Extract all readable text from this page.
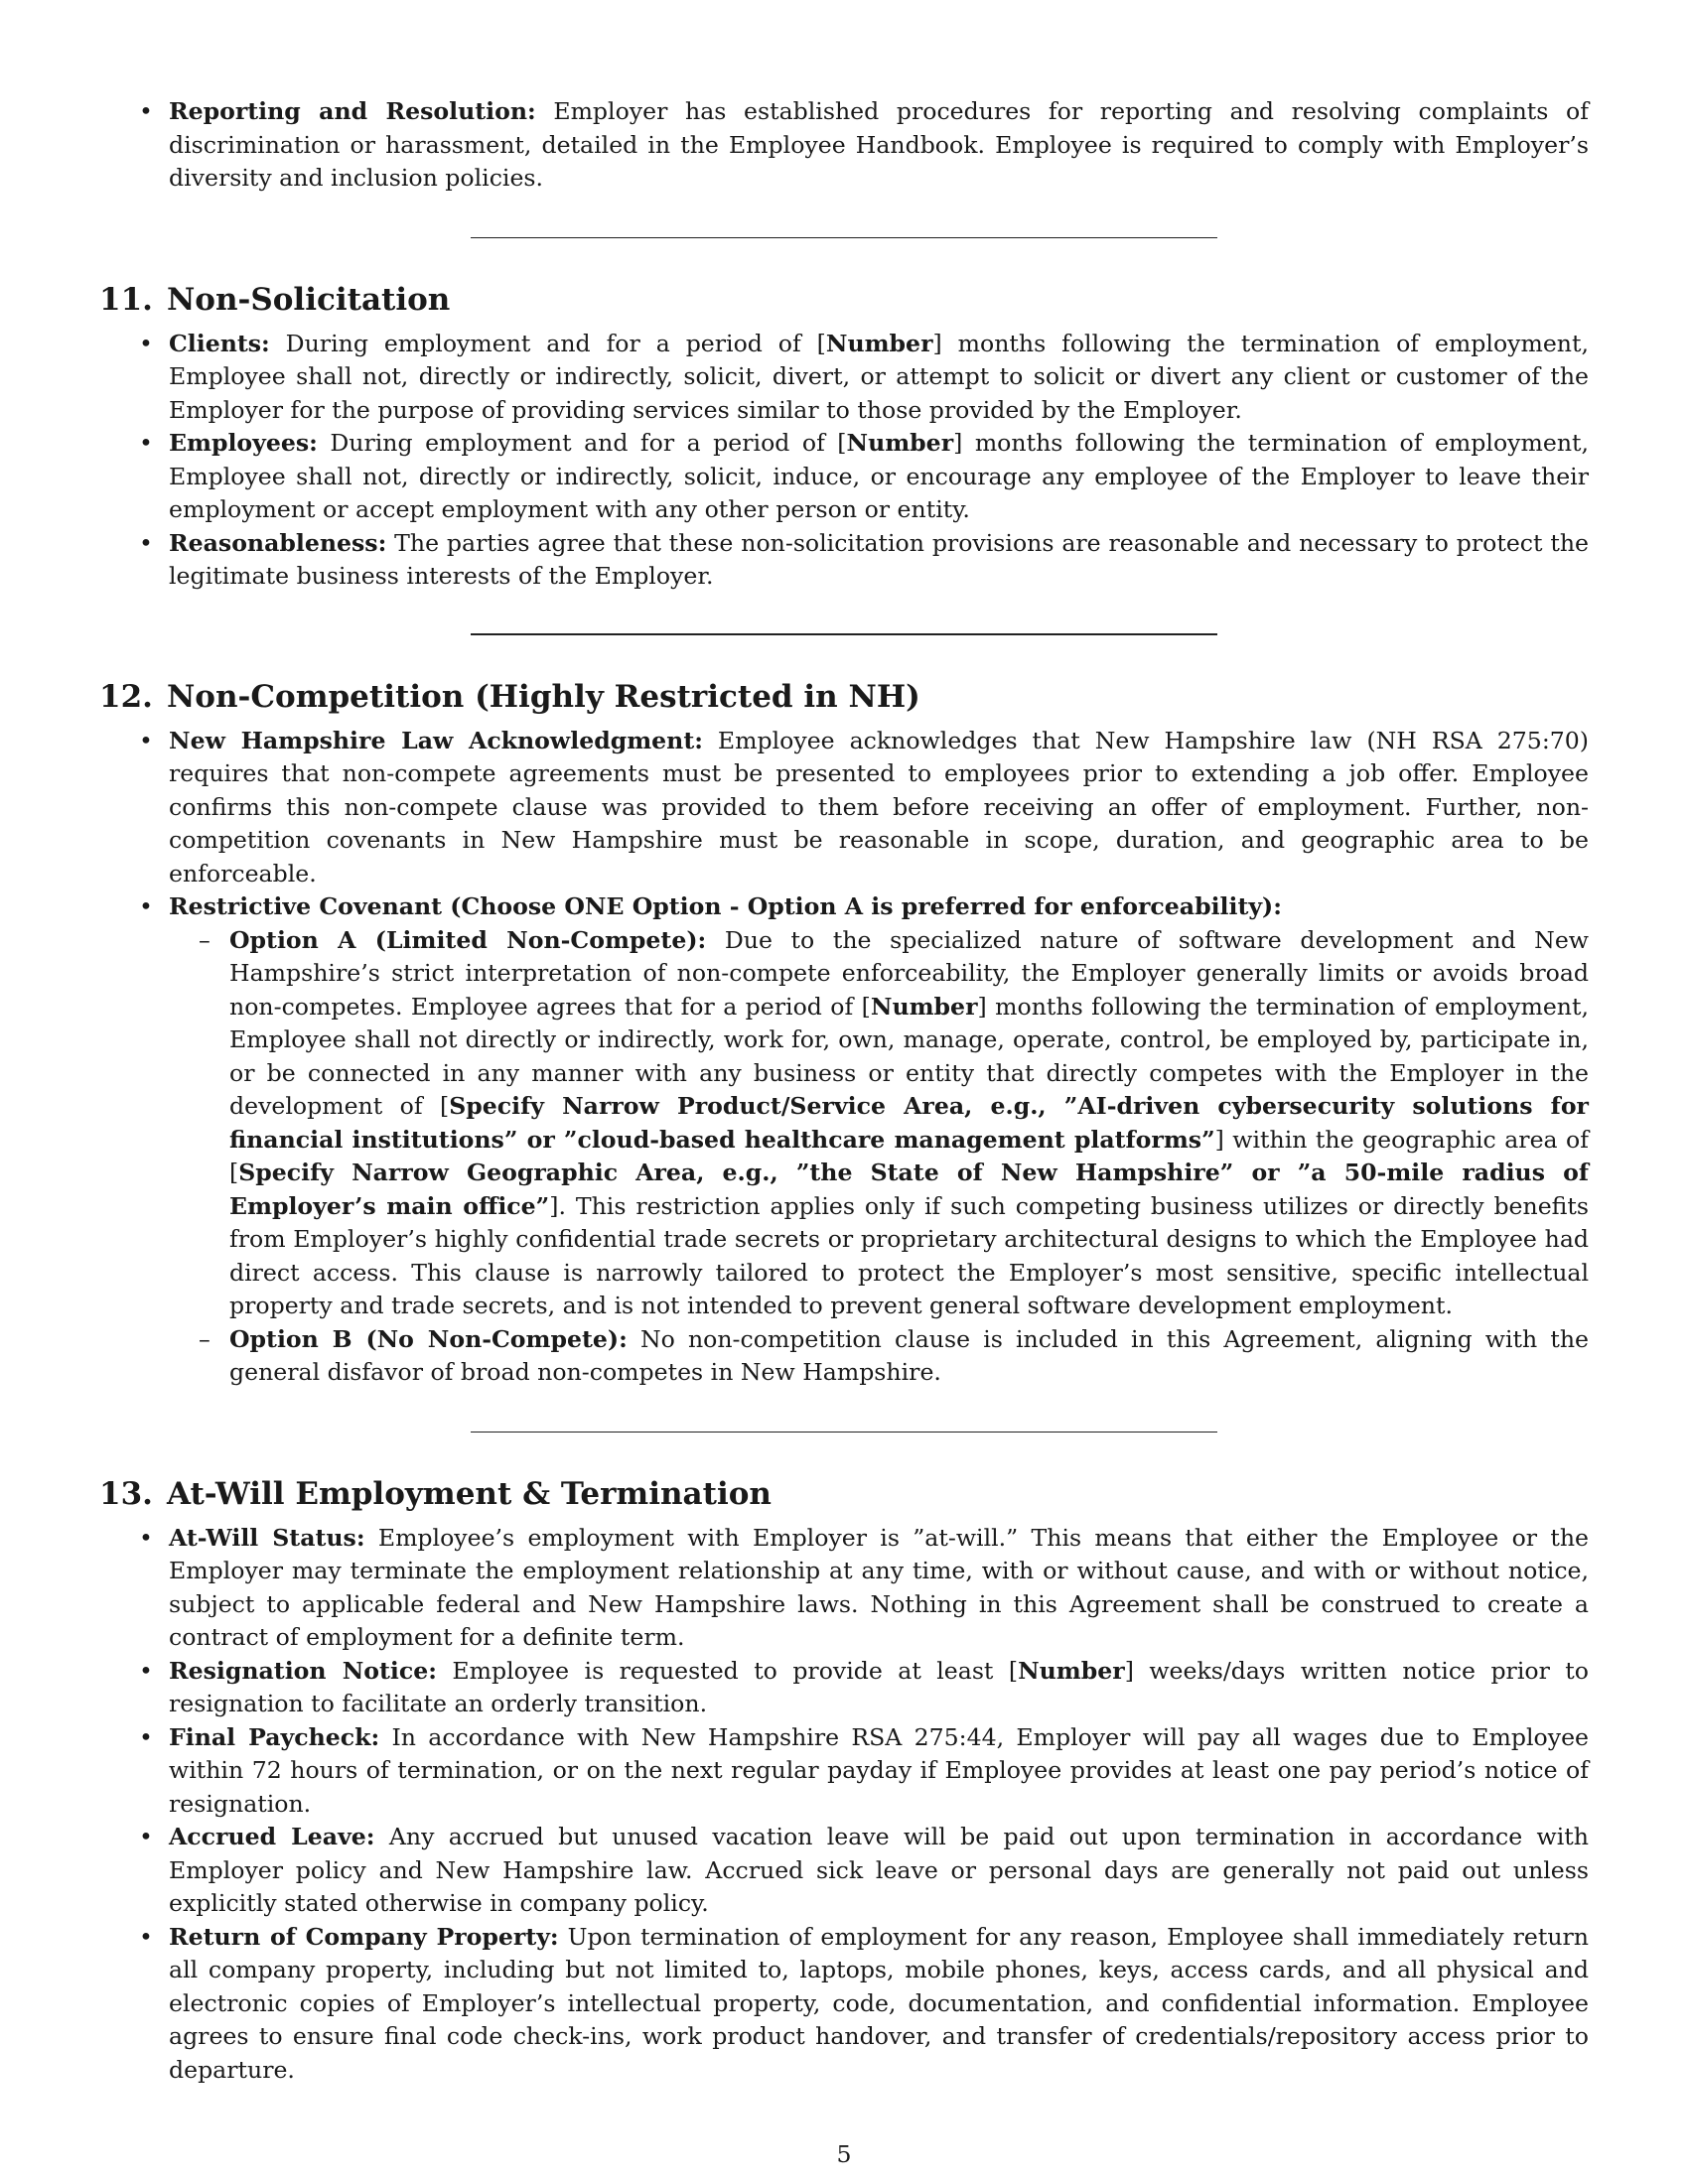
• Reporting and Resolution: Employer has established procedures for reporting and resolving complaints of discrimination or harassment, detailed in the Employee Handbook. Employee is required to comply with Employer’s diversity and inclusion policies.
11. Non-Solicitation
• Clients: During employment and for a period of [Number] months following the termination of employment, Employee shall not, directly or indirectly, solicit, divert, or attempt to solicit or divert any client or customer of the Employer for the purpose of providing services similar to those provided by the Employer.
• Employees: During employment and for a period of [Number] months following the termination of employment, Employee shall not, directly or indirectly, solicit, induce, or encourage any employee of the Employer to leave their employment or accept employment with any other person or entity.
• Reasonableness: The parties agree that these non-solicitation provisions are reasonable and necessary to protect the legitimate business interests of the Employer.
12. Non-Competition (Highly Restricted in NH)
• New Hampshire Law Acknowledgment: Employee acknowledges that New Hampshire law (NH RSA 275:70) requires that non-compete agreements must be presented to employees prior to extending a job offer. Employee confirms this non-compete clause was provided to them before receiving an offer of employment. Further, non-competition covenants in New Hampshire must be reasonable in scope, duration, and geographic area to be enforceable.
• Restrictive Covenant (Choose ONE Option - Option A is preferred for enforceability):
– Option A (Limited Non-Compete): Due to the specialized nature of software development and New Hampshire’s strict interpretation of non-compete enforceability, the Employer generally limits or avoids broad non-competes. Employee agrees that for a period of [Number] months following the termination of employment, Employee shall not directly or indirectly, work for, own, manage, operate, control, be employed by, participate in, or be connected in any manner with any business or entity that directly competes with the Employer in the development of [Specify Narrow Product/Service Area, e.g., ”AI-driven cybersecurity solutions for financial institutions” or ”cloud-based healthcare management platforms”] within the geographic area of [Specify Narrow Geographic Area, e.g., ”the State of New Hampshire” or ”a 50-mile radius of Employer’s main office”]. This restriction applies only if such competing business utilizes or directly benefits from Employer’s highly confidential trade secrets or proprietary architectural designs to which the Employee had direct access. This clause is narrowly tailored to protect the Employer’s most sensitive, specific intellectual property and trade secrets, and is not intended to prevent general software development employment.
– Option B (No Non-Compete): No non-competition clause is included in this Agreement, aligning with the general disfavor of broad non-competes in New Hampshire.
13. At-Will Employment & Termination
• At-Will Status: Employee’s employment with Employer is ”at-will.” This means that either the Employee or the Employer may terminate the employment relationship at any time, with or without cause, and with or without notice, subject to applicable federal and New Hampshire laws. Nothing in this Agreement shall be construed to create a contract of employment for a definite term.
• Resignation Notice: Employee is requested to provide at least [Number] weeks/days written notice prior to resignation to facilitate an orderly transition.
• Final Paycheck: In accordance with New Hampshire RSA 275:44, Employer will pay all wages due to Employee within 72 hours of termination, or on the next regular payday if Employee provides at least one pay period’s notice of resignation.
• Accrued Leave: Any accrued but unused vacation leave will be paid out upon termination in accordance with Employer policy and New Hampshire law. Accrued sick leave or personal days are generally not paid out unless explicitly stated otherwise in company policy.
• Return of Company Property: Upon termination of employment for any reason, Employee shall immediately return all company property, including but not limited to, laptops, mobile phones, keys, access cards, and all physical and electronic copies of Employer’s intellectual property, code, documentation, and confidential information. Employee agrees to ensure final code check-ins, work product handover, and transfer of credentials/repository access prior to departure.
5
